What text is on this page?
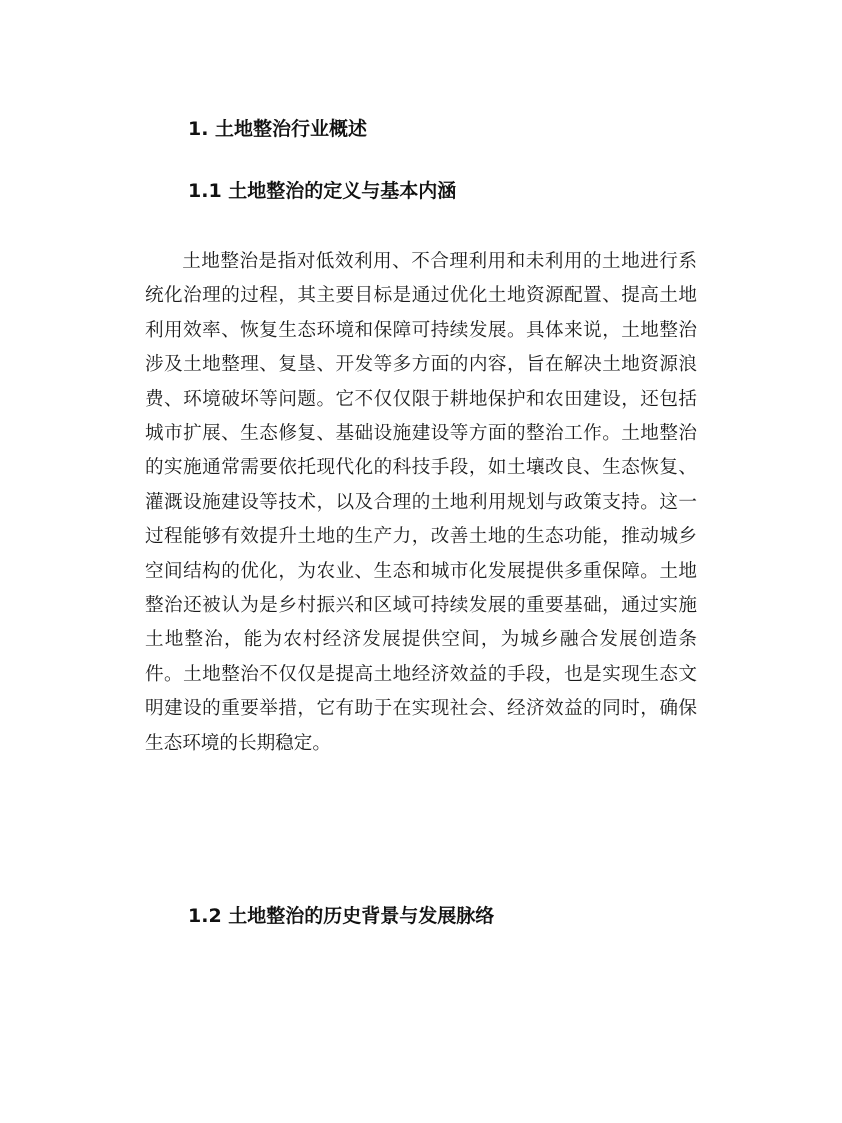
1. 土地整治行业概述
1.1 土地整治的定义与基本内涵

土地整治是指对低效利用、不合理利用和未利用的土地进行系统化治理的过程，其主要目标是通过优化土地资源配置、提高土地利用效率、恢复生态环境和保障可持续发展。具体来说，土地整治涉及土地整理、复垦、开发等多方面的内容，旨在解决土地资源浪费、环境破坏等问题。它不仅仅限于耕地保护和农田建设，还包括城市扩展、生态修复、基础设施建设等方面的整治工作。土地整治的实施通常需要依托现代化的科技手段，如土壤改良、生态恢复、灌溉设施建设等技术，以及合理的土地利用规划与政策支持。这一过程能够有效提升土地的生产力，改善土地的生态功能，推动城乡空间结构的优化，为农业、生态和城市化发展提供多重保障。土地整治还被认为是乡村振兴和区域可持续发展的重要基础，通过实施土地整治，能为农村经济发展提供空间，为城乡融合发展创造条件。土地整治不仅仅是提高土地经济效益的手段，也是实现生态文明建设的重要举措，它有助于在实现社会、经济效益的同时，确保生态环境的长期稳定。

1.2 土地整治的历史背景与发展脉络
